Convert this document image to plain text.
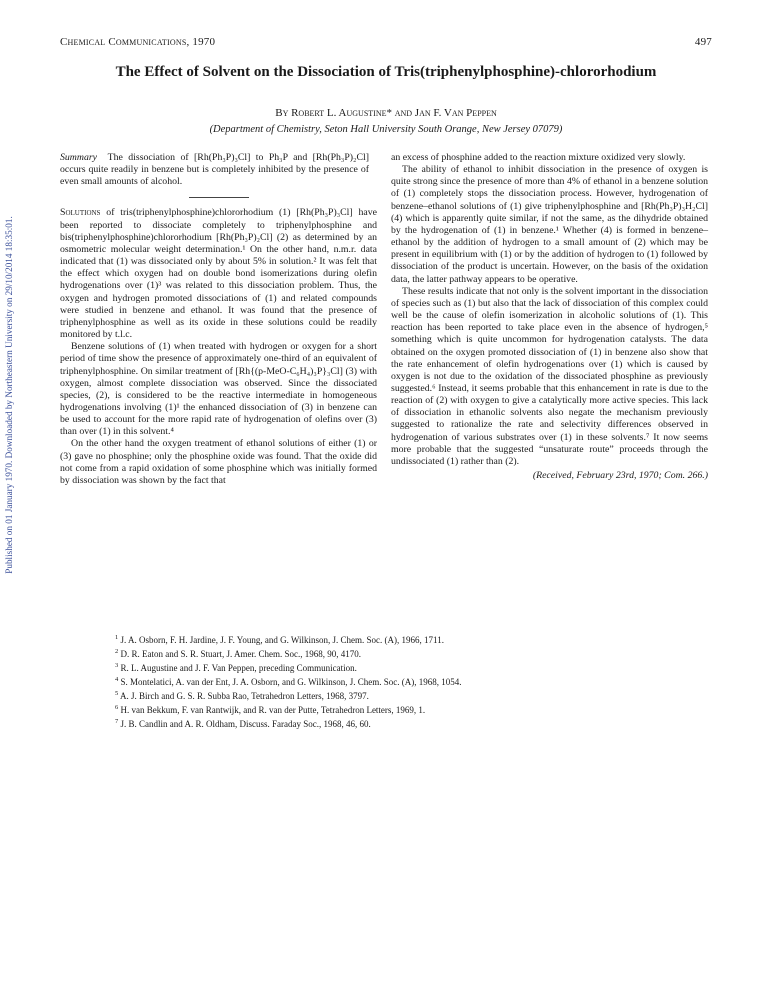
Published on 01 January 1970. Downloaded by Northeastern University on 29/10/2014 18:35:01.
Chemical Communications, 1970	497
The Effect of Solvent on the Dissociation of Tris(triphenylphosphine)-chlororhodium
By Robert L. Augustine* and Jan F. Van Peppen
(Department of Chemistry, Seton Hall University South Orange, New Jersey 07079)

Summary The dissociation of [Rh(Ph₃P)₃Cl] to Ph₃P and [Rh(Ph₃P)₂Cl] occurs quite readily in benzene but is completely inhibited by the presence of even small amounts of alcohol.

Solutions of tris(triphenylphosphine)chlororhodium (1) [Rh(Ph₃P)₃Cl] have been reported to dissociate completely to triphenylphosphine and bis(triphenylphosphine)chlororhodium [Rh(Ph₃P)₂Cl] (2) as determined by an osmometric molecular weight determination.¹ On the other hand, n.m.r. data indicated that (1) was dissociated only by about 5% in solution.² It was felt that the effect which oxygen had on double bond isomerizations during olefin hydrogenations over (1)³ was related to this dissociation problem. Thus, the oxygen and hydrogen promoted dissociations of (1) and related compounds were studied in benzene and ethanol. It was found that the presence of triphenylphosphine as well as its oxide in these solutions could be readily monitored by t.l.c.

Benzene solutions of (1) when treated with hydrogen or oxygen for a short period of time show the presence of approximately one-third of an equivalent of triphenylphosphine. On similar treatment of [Rh{(p-MeO-C₆H₄)₃P}₃Cl] (3) with oxygen, almost complete dissociation was observed. Since the dissociated species, (2), is considered to be the reactive intermediate in homogeneous hydrogenations involving (1)¹ the enhanced dissociation of (3) in benzene can be used to account for the more rapid rate of hydrogenation of olefins over (3) than over (1) in this solvent.⁴

On the other hand the oxygen treatment of ethanol solutions of either (1) or (3) gave no phosphine; only the phosphine oxide was found. That the oxide did not come from a rapid oxidation of some phosphine which was initially formed by dissociation was shown by the fact that

an excess of phosphine added to the reaction mixture oxidized very slowly.

The ability of ethanol to inhibit dissociation in the presence of oxygen is quite strong since the presence of more than 4% of ethanol in a benzene solution of (1) completely stops the dissociation process. However, hydrogenation of benzene–ethanol solutions of (1) give triphenylphosphine and [Rh(Ph₃P)₃H₂Cl] (4) which is apparently quite similar, if not the same, as the dihydride obtained by the hydrogenation of (1) in benzene.¹ Whether (4) is formed in benzene–ethanol by the addition of hydrogen to a small amount of (2) which may be present in equilibrium with (1) or by the addition of hydrogen to (1) followed by dissociation of the product is uncertain. However, on the basis of the oxidation data, the latter pathway appears to be operative.

These results indicate that not only is the solvent important in the dissociation of species such as (1) but also that the lack of dissociation of this complex could well be the cause of olefin isomerization in alcoholic solutions of (1). This reaction has been reported to take place even in the absence of hydrogen,⁵ something which is quite uncommon for hydrogenation catalysts. The data obtained on the oxygen promoted dissociation of (1) in benzene also show that the rate enhancement of olefin hydrogenations over (1) which is caused by oxygen is not due to the oxidation of the dissociated phosphine as previously suggested.⁶ Instead, it seems probable that this enhancement in rate is due to the reaction of (2) with oxygen to give a catalytically more active species. This lack of dissociation in ethanolic solvents also negate the mechanism previously suggested to rationalize the rate and selectivity differences observed in hydrogenation of various substrates over (1) in these solvents.⁷ It now seems more probable that the suggested “unsaturate route” proceeds through the undissociated (1) rather than (2).

(Received, February 23rd, 1970; Com. 266.)
$^1$ J. A. Osborn, F. H. Jardine, J. F. Young, and G. Wilkinson, J. Chem. Soc. (A), 1966, 1711.
$^2$ D. R. Eaton and S. R. Stuart, J. Amer. Chem. Soc., 1968, 90, 4170.
$^3$ R. L. Augustine and J. F. Van Peppen, preceding Communication.
$^4$ S. Montelatici, A. van der Ent, J. A. Osborn, and G. Wilkinson, J. Chem. Soc. (A), 1968, 1054.
$^5$ A. J. Birch and G. S. R. Subba Rao, Tetrahedron Letters, 1968, 3797.
$^6$ H. van Bekkum, F. van Rantwijk, and R. van der Putte, Tetrahedron Letters, 1969, 1.
$^7$ J. B. Candlin and A. R. Oldham, Discuss. Faraday Soc., 1968, 46, 60.
